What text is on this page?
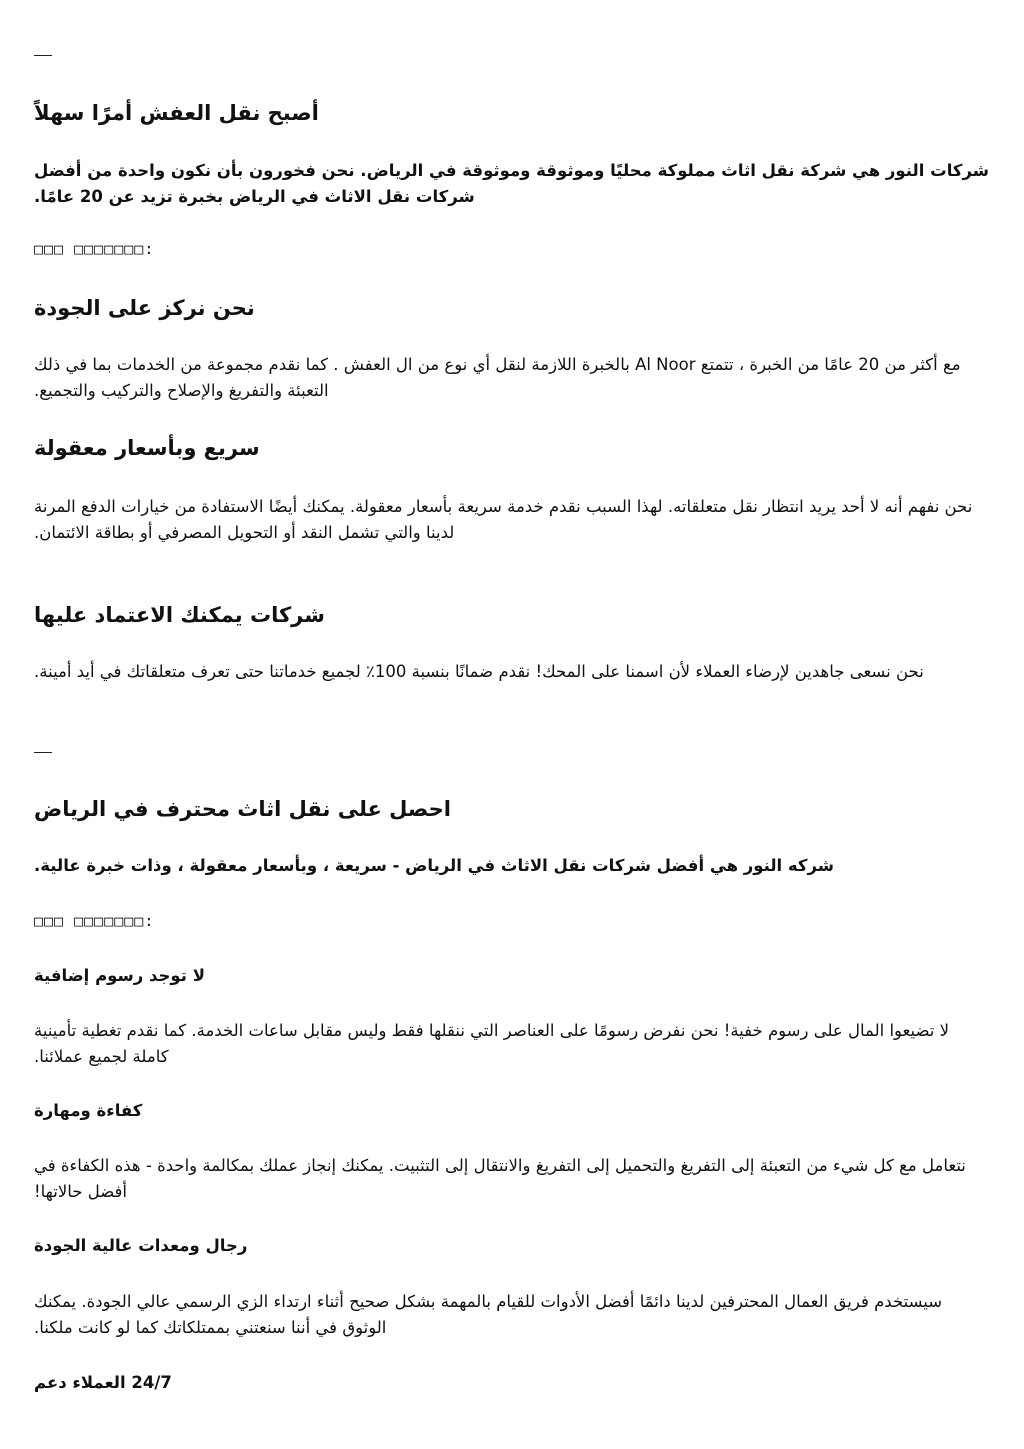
أصبح نقل العفش أمرًا سهلاً

شركات النور هي شركة نقل اثاث مملوكة محليًا وموثوقة وموثوقة في الرياض. نحن فخورون بأن نكون واحدة من أفضل شركات نقل الاثاث في الرياض بخبرة تزيد عن 20 عامًا.

□□□ □□□□□□□:

نحن نركز على الجودة

مع أكثر من 20 عامًا من الخبرة ، تتمتع Al Noor بالخبرة اللازمة لنقل أي نوع من ال العفش . كما نقدم مجموعة من الخدمات بما في ذلك التعبئة والتفريغ والإصلاح والتركيب والتجميع.

سريع وبأسعار معقولة

نحن نفهم أنه لا أحد يريد انتظار نقل متعلقاته. لهذا السبب نقدم خدمة سريعة بأسعار معقولة. يمكنك أيضًا الاستفادة من خيارات الدفع المرنة لدينا والتي تشمل النقد أو التحويل المصرفي أو بطاقة الائتمان.

شركات يمكنك الاعتماد عليها

نحن نسعى جاهدين لإرضاء العملاء لأن اسمنا على المحك! نقدم ضمانًا بنسبة 100٪ لجميع خدماتنا حتى تعرف متعلقاتك في أيد أمينة.

احصل على نقل اثاث محترف في الرياض

شركه النور هي أفضل شركات نقل الاثاث في الرياض - سريعة ، وبأسعار معقولة ، وذات خبرة عالية.

□□□ □□□□□□□:

لا توجد رسوم إضافية

لا تضيعوا المال على رسوم خفية! نحن نفرض رسومًا على العناصر التي ننقلها فقط وليس مقابل ساعات الخدمة. كما نقدم تغطية تأمينية كاملة لجميع عملائنا.

كفاءة ومهارة

نتعامل مع كل شيء من التعبئة إلى التفريغ والتحميل إلى التفريغ والانتقال إلى التثبيت. يمكنك إنجاز عملك بمكالمة واحدة - هذه الكفاءة في أفضل حالاتها!

رجال ومعدات عالية الجودة

سيستخدم فريق العمال المحترفين لدينا دائمًا أفضل الأدوات للقيام بالمهمة بشكل صحيح أثناء ارتداء الزي الرسمي عالي الجودة. يمكنك الوثوق في أننا سنعتني بممتلكاتك كما لو كانت ملكنا.

24/7 العملاء دعم
